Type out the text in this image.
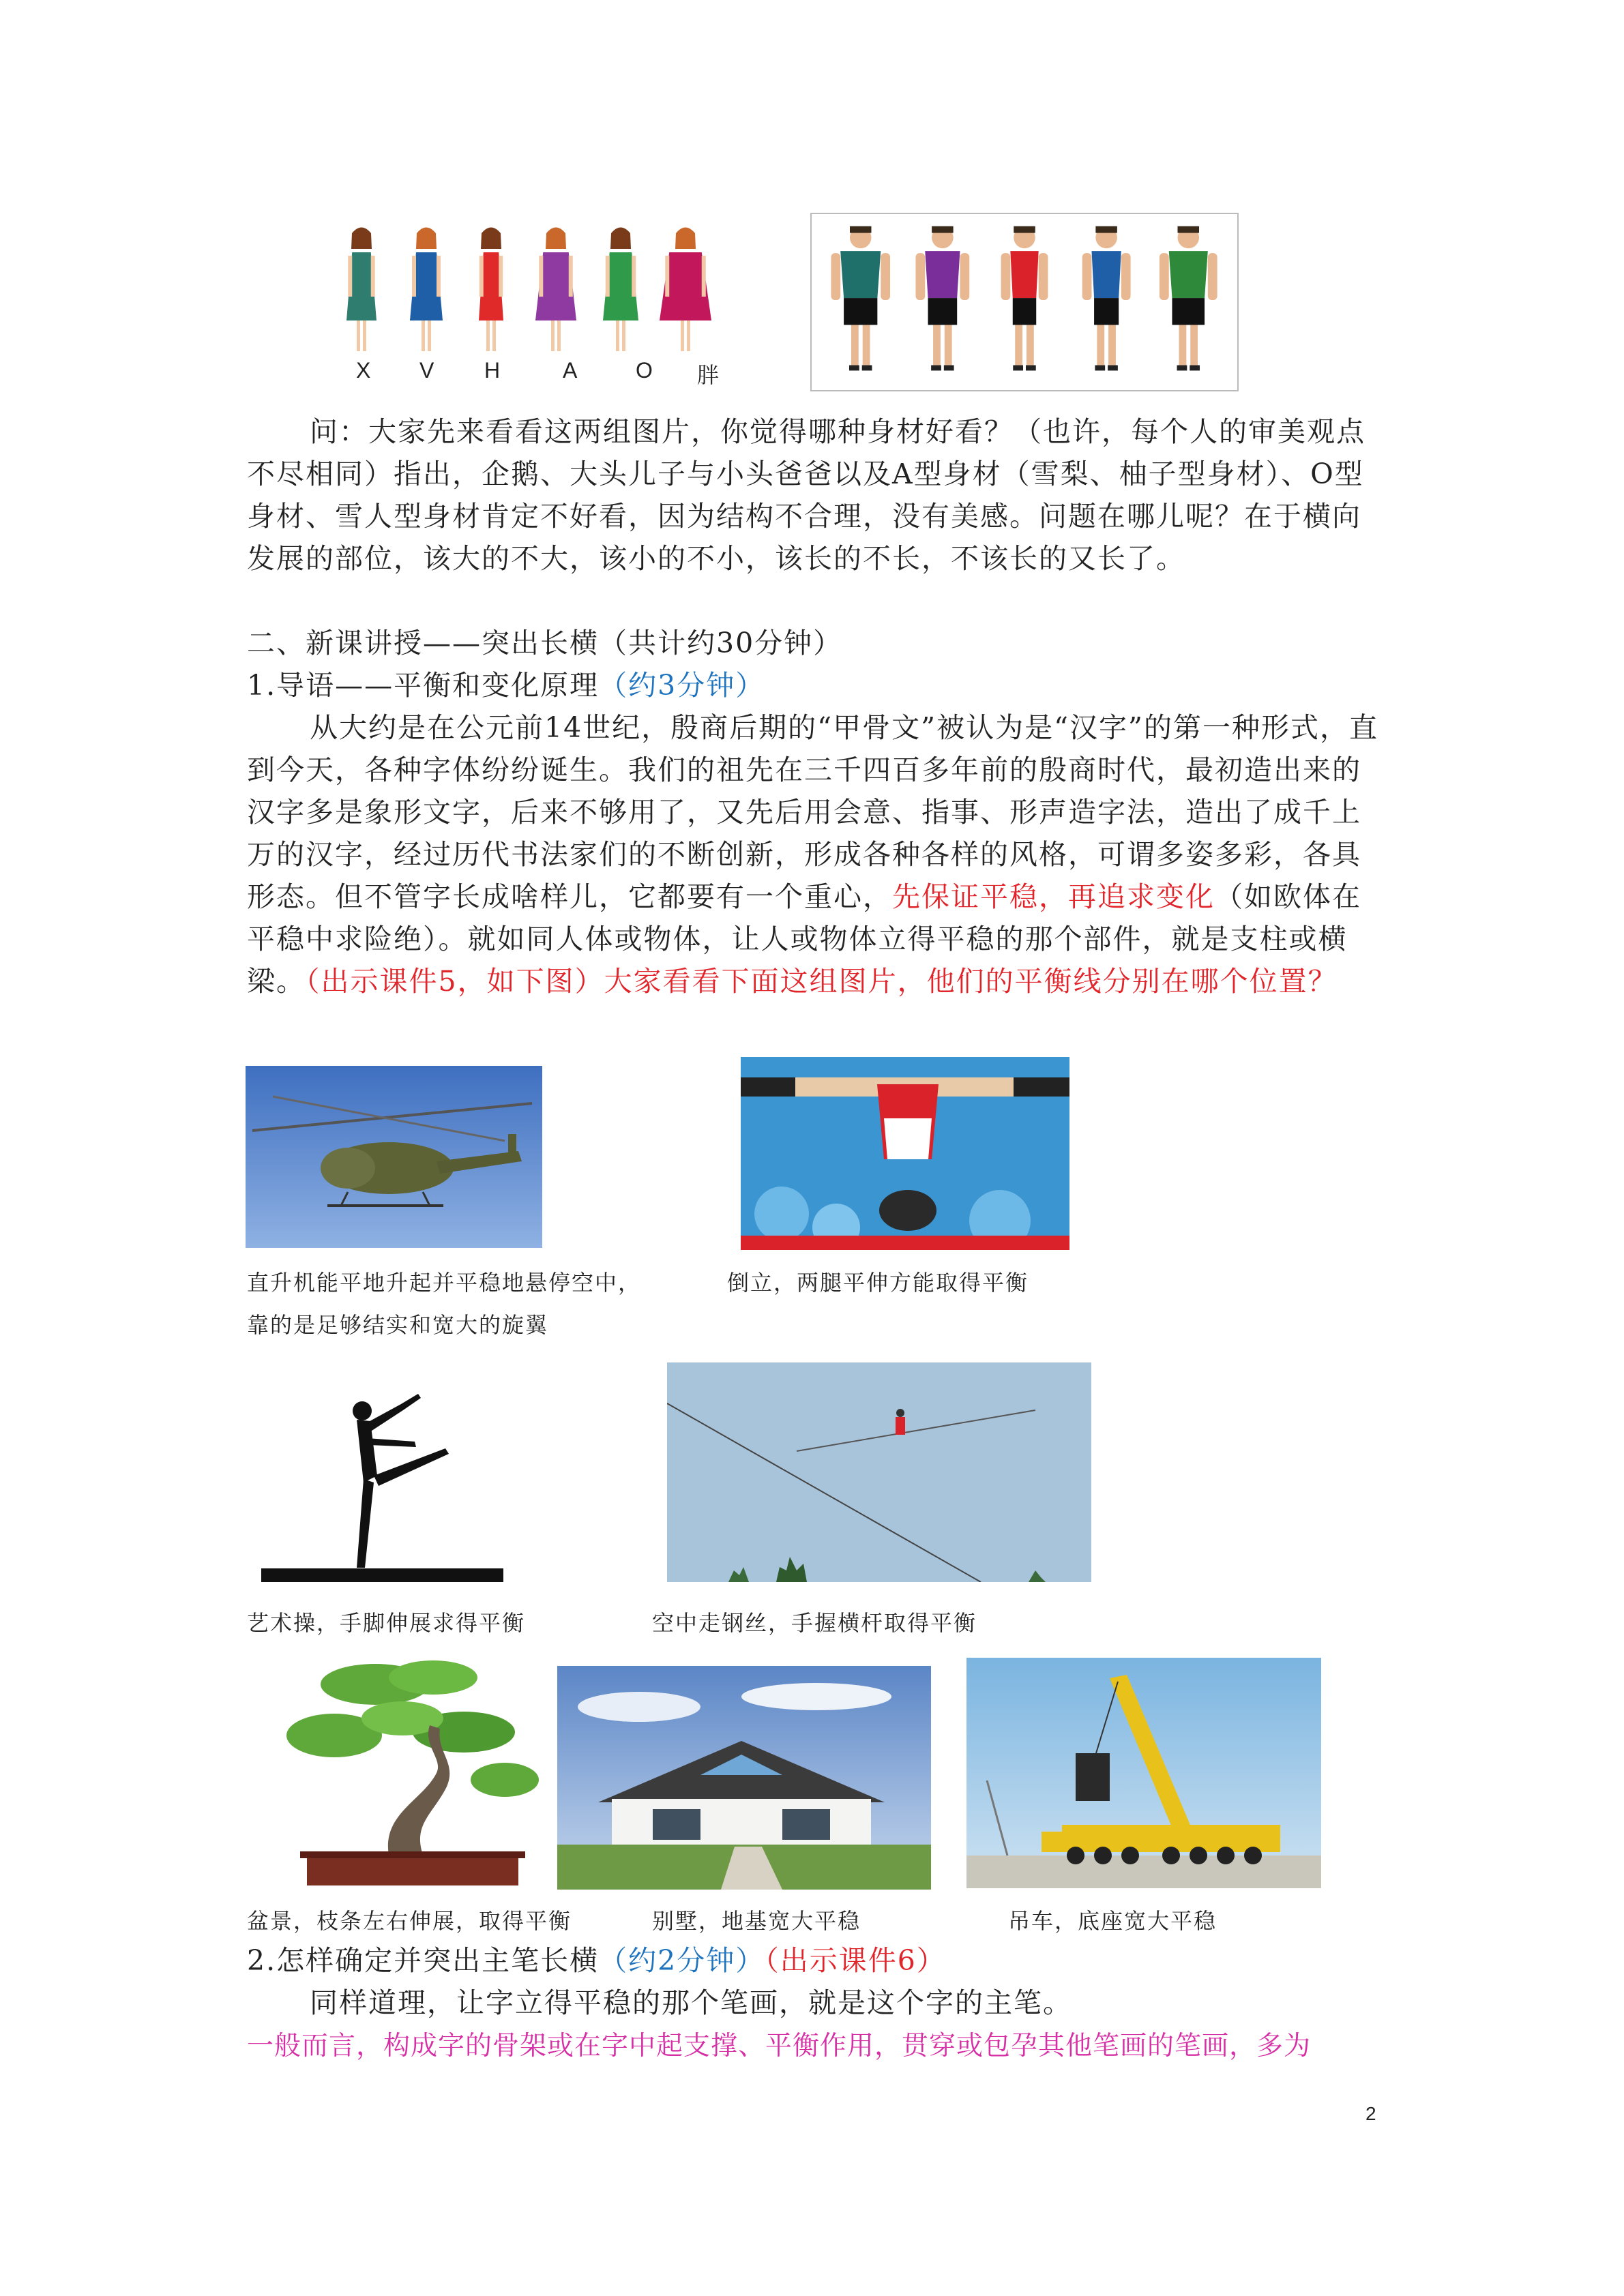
X V H	A	O 胖
问：大家先来看看这两组图片，你觉得哪种身材好看？（也许，每个人的审美观点不尽相同）指出，企鹅、大头儿子与小头爸爸以及A型身材（雪梨、柚子型身材）、O型身材、雪人型身材肯定不好看，因为结构不合理，没有美感。问题在哪儿呢？在于横向发展的部位，该大的不大，该小的不小，该长的不长，不该长的又长了。
二、新课讲授——突出长横（共计约30分钟）
1.导语——平衡和变化原理（约3分钟）
从大约是在公元前14世纪，殷商后期的“甲骨文”被认为是“汉字”的第一种形式，直到今天，各种字体纷纷诞生。我们的祖先在三千四百多年前的殷商时代，最初造出来的汉字多是象形文字，后来不够用了，又先后用会意、指事、形声造字法，造出了成千上万的汉字，经过历代书法家们的不断创新，形成各种各样的风格，可谓多姿多彩，各具形态。但不管字长成啥样儿，它都要有一个重心，先保证平稳，再追求变化（如欧体在平稳中求险绝）。就如同人体或物体，让人或物体立得平稳的那个部件，就是支柱或横梁。（出示课件5，如下图）大家看看下面这组图片，他们的平衡线分别在哪个位置？
直升机能平地升起并平稳地悬停空中，
靠的是足够结实和宽大的旋翼
倒立，两腿平伸方能取得平衡
艺术操，手脚伸展求得平衡	空中走钢丝，手握横杆取得平衡
盆景，枝条左右伸展，取得平衡	别墅，地基宽大平稳	吊车，底座宽大平稳
2.怎样确定并突出主笔长横（约2分钟）（出示课件6）
同样道理，让字立得平稳的那个笔画，就是这个字的主笔。
一般而言，构成字的骨架或在字中起支撑、平衡作用，贯穿或包孕其他笔画的笔画，多为
2
